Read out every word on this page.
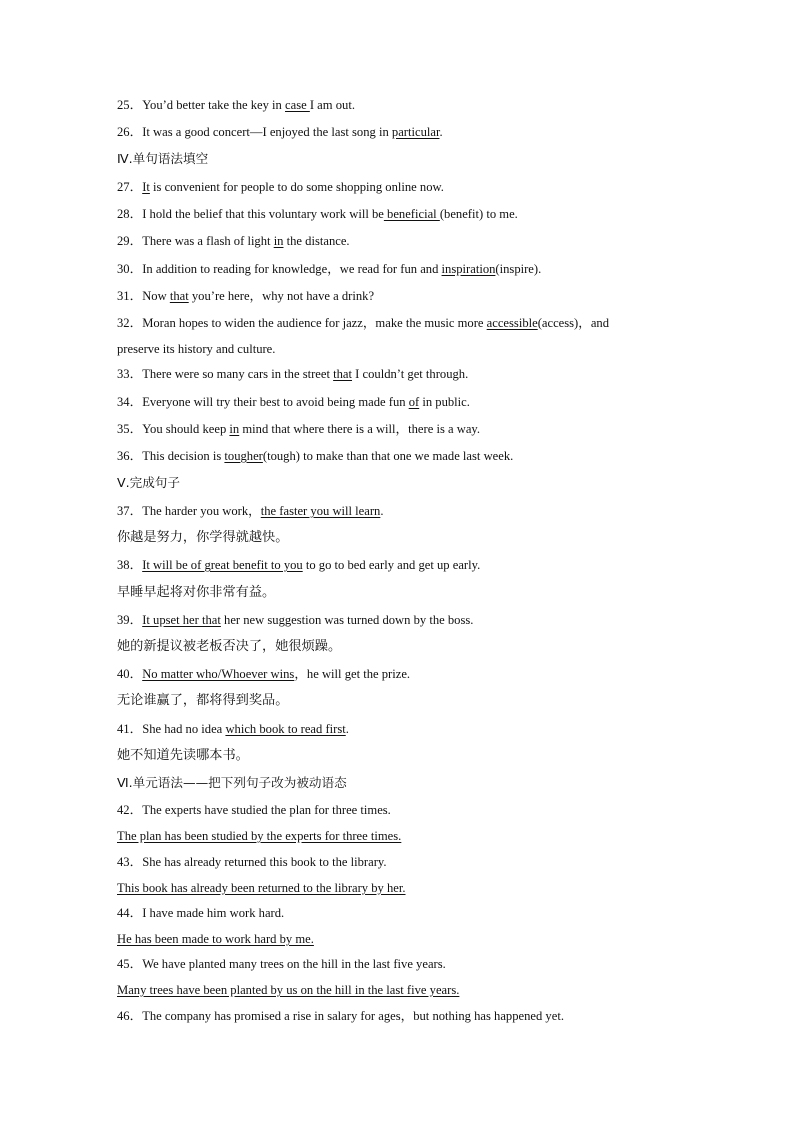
25．You’d better take the key in case I am out.
26．It was a good concert—I enjoyed the last song in particular.
Ⅳ.单句语法填空
27．It is convenient for people to do some shopping online now.
28．I hold the belief that this voluntary work will be beneficial (benefit) to me.
29．There was a flash of light in the distance.
30．In addition to reading for knowledge，we read for fun and inspiration(inspire).
31．Now that you’re here，why not have a drink?
32．Moran hopes to widen the audience for jazz，make the music more accessible(access)，and
preserve its history and culture.
33．There were so many cars in the street that I couldn’t get through.
34．Everyone will try their best to avoid being made fun of in public.
35．You should keep in mind that where there is a will，there is a way.
36．This decision is tougher(tough) to make than that one we made last week.
Ⅴ.完成句子
37．The harder you work，the faster you will learn.
你越是努力，你学得就越快。
38．It will be of great benefit to you to go to bed early and get up early.
早睡早起将对你非常有益。
39．It upset her that her new suggestion was turned down by the boss.
她的新提议被老板否决了，她很烦躁。
40．No matter who/Whoever wins，he will get the prize.
无论谁赢了，都将得到奖品。
41．She had no idea which book to read first.
她不知道先读哪本书。
Ⅵ.单元语法——把下列句子改为被动语态
42．The experts have studied the plan for three times.
The plan has been studied by the experts for three times.
43．She has already returned this book to the library.
This book has already been returned to the library by her.
44．I have made him work hard.
He has been made to work hard by me.
45．We have planted many trees on the hill in the last five years.
Many trees have been planted by us on the hill in the last five years.
46．The company has promised a rise in salary for ages，but nothing has happened yet.
